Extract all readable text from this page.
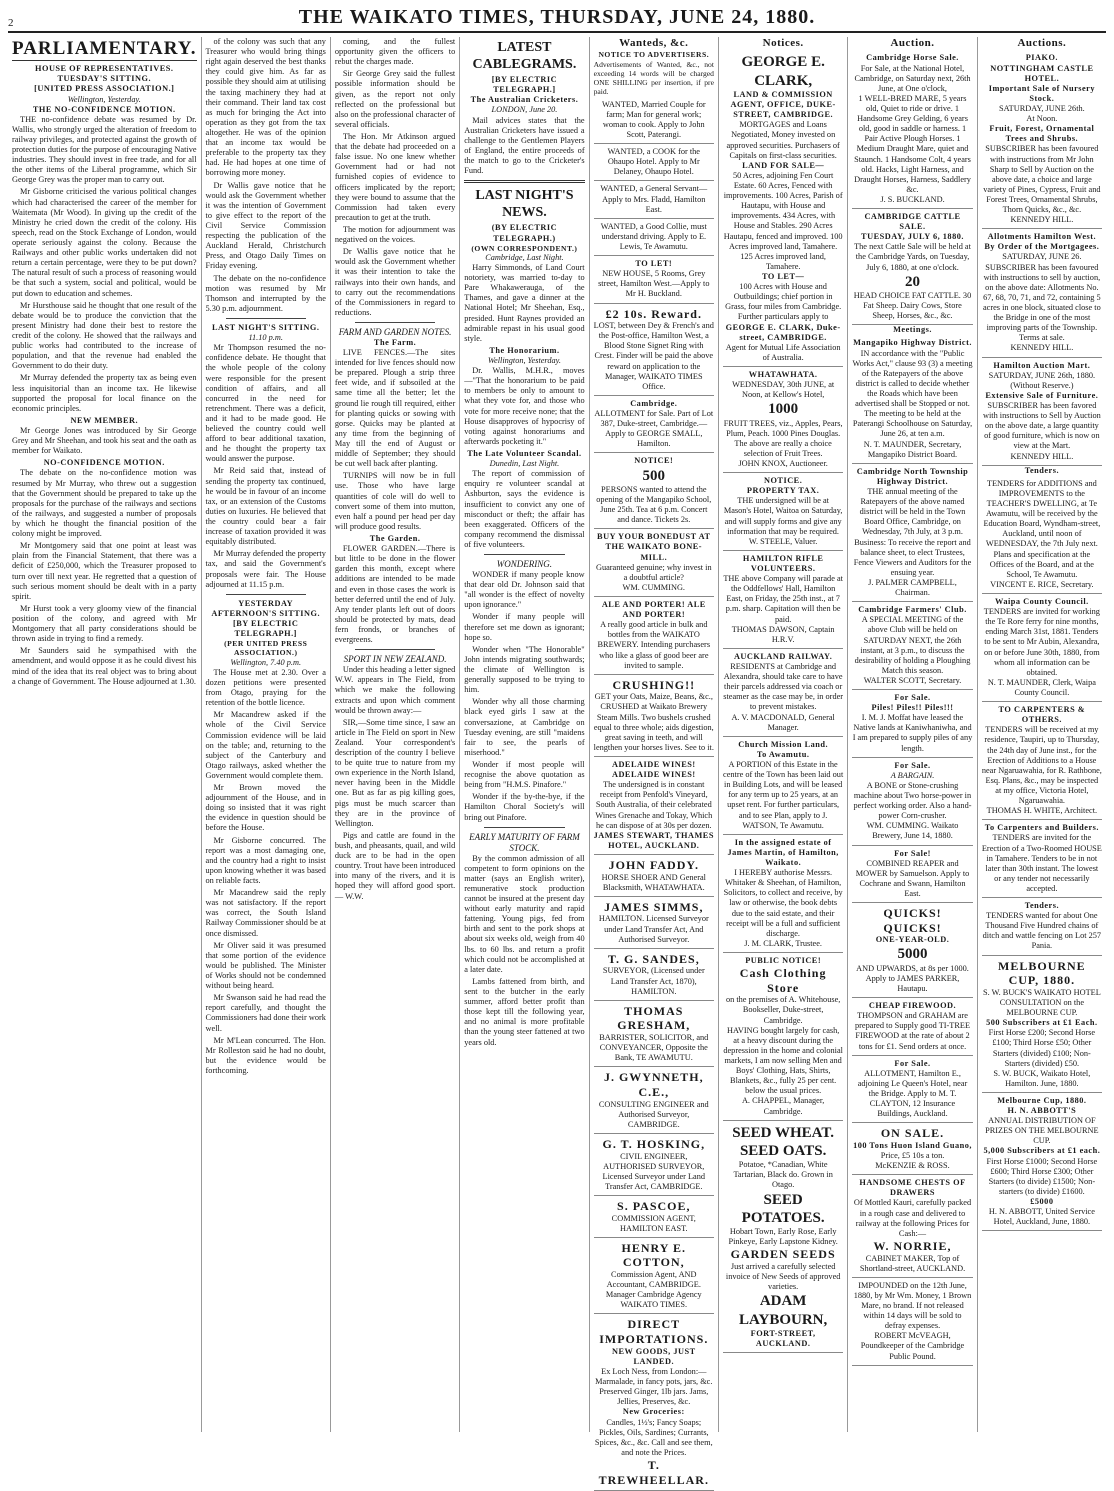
2	THE WAIKATO TIMES, THURSDAY, JUNE 24, 1880.
PARLIAMENTARY.
HOUSE OF REPRESENTATIVES.
TUESDAY'S SITTING.
[UNITED PRESS ASSOCIATION.]
Wellington, Yesterday.
THE NO-CONFIDENCE MOTION.

THE no-confidence debate was resumed by Dr. Wallis, who strongly urged the alteration of freedom to railway privileges, and protected against the growth of protection duties for the purpose of encouraging Native industries. They should invest in free trade, and for all the other items of the Liberal programme, which Sir George Grey was the proper man to carry out.

Mr Gisborne criticised the various political changes which had characterised the career of the member for Waitemata (Mr Wood). In giving up the credit of the Ministry he cried down the credit of the colony. His speech, read on the Stock Exchange of London, would operate seriously against the colony. Because the Railways and other public works undertaken did not return a certain percentage, were they to be put down? The natural result of such a process of reasoning would be that such a system, social and political, would be put down to education and schemes.

Mr Hursthouse said he thought that one result of the debate would be to produce the conviction that the present Ministry had done their best to restore the credit of the colony. He showed that the railways and public works had contributed to the increase of population, and that the revenue had enabled the Government to do their duty.

Mr Murray defended the property tax as being even less inquisitorial than an income tax. He likewise supported the proposal for local finance on the economic principles.

NEW MEMBER.

Mr George Jones was introduced by Sir George Grey and Mr Sheehan, and took his seat and the oath as member for Waikato.

NO-CONFIDENCE MOTION.

The debate on the no-confidence motion was resumed by Mr Murray, who threw out a suggestion that the Government should be prepared to take up the proposals for the purchase of the railways and sections of the railways, and suggested a number of proposals by which he thought the financial position of the colony might be improved.

Mr Montgomery said that one point at least was plain from the Financial Statement, that there was a deficit of £250,000, which the Treasurer proposed to turn over till next year. He regretted that a question of such serious moment should be dealt with in a party spirit.

Mr Hurst took a very gloomy view of the financial position of the colony, and agreed with Mr Montgomery that all party considerations should be thrown aside in trying to find a remedy.

Mr Saunders said he sympathised with the amendment, and would oppose it as he could divest his mind of the idea that its real object was to bring about a change of Government. The House adjourned at 1.30.

of the colony was such that any Treasurer who would bring things right again deserved the best thanks they could give him. As far as possible they should aim at utilising the taxing machinery they had at their command. Their land tax cost as much for bringing the Act into operation as they got from the tax altogether. He was of the opinion that an income tax would be preferable to the property tax they had. He had hopes at one time of borrowing more money.

Dr Wallis gave notice that he would ask the Government whether it was the intention of Government to give effect to the report of the Civil Service Commission respecting the publication of the Auckland Herald, Christchurch Press, and Otago Daily Times on Friday evening.

The debate on the no-confidence motion was resumed by Mr Thomson and interrupted by the 5.30 p.m. adjournment.

LAST NIGHT'S SITTING.
11.10 p.m.

Mr Thompson resumed the no-confidence debate. He thought that the whole people of the colony were responsible for the present condition of affairs, and all concurred in the need for retrenchment. There was a deficit, and it had to be made good. He believed the country could well afford to bear additional taxation, and he thought the property tax would answer the purpose.

Mr Reid said that, instead of sending the property tax continued, he would be in favour of an income tax, or an extension of the Customs duties on luxuries. He believed that the country could bear a fair increase of taxation provided it was equitably distributed.

Mr Murray defended the property tax, and said the Government's proposals were fair. The House adjourned at 11.15 p.m.

YESTERDAY AFTERNOON'S SITTING.
[BY ELECTRIC TELEGRAPH.]
(PER UNITED PRESS ASSOCIATION.)
Wellington, 7.40 p.m.

The House met at 2.30. Over a dozen petitions were presented from Otago, praying for the retention of the bottle licence.

Mr Macandrew asked if the whole of the Civil Service Commission evidence will be laid on the table; and, returning to the subject of the Canterbury and Otago railways, asked whether the Government would complete them.

Mr Brown moved the adjournment of the House, and in doing so insisted that it was right the evidence in question should be before the House.

Mr Gisborne concurred. The report was a most damaging one, and the country had a right to insist upon knowing whether it was based on reliable facts.

Mr Macandrew said the reply was not satisfactory. If the report was correct, the South Island Railway Commissioner should be at once dismissed.

Mr Oliver said it was presumed that some portion of the evidence would be published. The Minister of Works should not be condemned without being heard.

Mr Swanson said he had read the report carefully, and thought the Commissioners had done their work well.

Mr M'Lean concurred. The Hon. Mr Rolleston said he had no doubt, but the evidence would be forthcoming.

coming, and the fullest opportunity given the officers to rebut the charges made.

Sir George Grey said the fullest possible information should be given, as the report not only reflected on the professional but also on the professional character of several officials.

The Hon. Mr Atkinson argued that the debate had proceeded on a false issue. No one knew whether Government had or had not furnished copies of evidence to officers implicated by the report; they were bound to assume that the Commission had taken every precaution to get at the truth.

The motion for adjournment was negatived on the voices.

Dr Wallis gave notice that he would ask the Government whether it was their intention to take the railways into their own hands, and to carry out the recommendations of the Commissioners in regard to reductions.

FARM AND GARDEN NOTES.
The Farm.

LIVE FENCES.—The sites intended for live fences should now be prepared. Plough a strip three feet wide, and if subsoiled at the same time all the better; let the ground lie rough till required, either for planting quicks or sowing with gorse. Quicks may be planted at any time from the beginning of May till the end of August or middle of September; they should be cut well back after planting.

TURNIPS will now be in full use. Those who have large quantities of cole will do well to convert some of them into mutton, even half a pound per head per day will produce good results.

The Garden.

FLOWER GARDEN.—There is but little to be done in the flower garden this month, except where additions are intended to be made and even in those cases the work is better deferred until the end of July. Any tender plants left out of doors should be protected by mats, dead fern fronds, or branches of evergreens.

SPORT IN NEW ZEALAND.

Under this heading a letter signed W.W. appears in The Field, from which we make the following extracts and upon which comment would be thrown away:—

SIR,—Some time since, I saw an article in The Field on sport in New Zealand. Your correspondent's description of the country I believe to be quite true to nature from my own experience in the North Island, never having been in the Middle one. But as far as pig killing goes, pigs must be much scarcer than they are in the province of Wellington.

Pigs and cattle are found in the bush, and pheasants, quail, and wild duck are to be had in the open country. Trout have been introduced into many of the rivers, and it is hoped they will afford good sport. — W.W.

LATEST CABLEGRAMS.
[BY ELECTRIC TELEGRAPH.]
The Australian Cricketers.
LONDON, June 20.

Mail advices states that the Australian Cricketers have issued a challenge to the Gentlemen Players of England, the entire proceeds of the match to go to the Cricketer's Fund.

LAST NIGHT'S NEWS.
(BY ELECTRIC TELEGRAPH.)
(OWN CORRESPONDENT.)
Cambridge, Last Night.

Harry Simmonds, of Land Court notoriety, was married to-day to Pare Whakawerauga, of the Thames, and gave a dinner at the National Hotel; Mr Sheehan, Esq., presided. Hunt Raynes provided an admirable repast in his usual good style.

The Honorarium.
Wellington, Yesterday.

Dr. Wallis, M.H.R., moves—"That the honorarium to be paid to members be only to amount to what they vote for, and those who vote for more receive none; that the House disapproves of hypocrisy of voting against honorariums and afterwards pocketing it."

The Late Volunteer Scandal.
Dunedin, Last Night.

The report of commission of enquiry re volunteer scandal at Ashburton, says the evidence is insufficient to convict any one of misconduct or theft; the affair has been exaggerated. Officers of the company recommend the dismissal of five volunteers.

WONDERING.

WONDER if many people know that dear old Dr. Johnson said that "all wonder is the effect of novelty upon ignorance."

Wonder if many people will therefore set me down as ignorant; hope so.

Wonder when "The Honorable" John intends migrating southwards; the climate of Wellington is generally supposed to be trying to him.

Wonder why all those charming black eyed girls I saw at the conversazione, at Cambridge on Tuesday evening, are still "maidens fair to see, the pearls of miserhood."

Wonder if most people will recognise the above quotation as being from "H.M.S. Pinafore."

Wonder if the by-the-bye, if the Hamilton Choral Society's will bring out Pinafore.

EARLY MATURITY OF FARM STOCK.

By the common admission of all competent to form opinions on the matter (says an English writer), remunerative stock production cannot be insured at the present day without early maturity and rapid fattening. Young pigs, fed from birth and sent to the pork shops at about six weeks old, weigh from 40 lbs. to 60 lbs. and return a profit which could not be accomplished at a later date.

Lambs fattened from birth, and sent to the butcher in the early summer, afford better profit than those kept till the following year, and no animal is more profitable than the young steer fattened at two years old.

Wanteds, &c.
NOTICE TO ADVERTISERS.
Advertisements of Wanted, &c., not exceeding 14 words will be charged ONE SHILLING per insertion, if pre paid.
WANTED, Married Couple for farm; Man for general work; woman to cook. Apply to John Scott, Paterangi.
WANTED, a COOK for the Ohaupo Hotel. Apply to Mr Delaney, Ohaupo Hotel.
WANTED, a General Servant—Apply to Mrs. Fladd, Hamilton East.
WANTED, a Good Collie, must understand driving. Apply to E. Lewis, Te Awamutu.
TO LET!
NEW HOUSE, 5 Rooms, Grey street, Hamilton West.—Apply to Mr H. Buckland.
£2 10s. Reward.
LOST, between Dey & French's and the Post-office, Hamilton West, a Blood Stone Signet Ring with Crest. Finder will be paid the above reward on application to the Manager, WAIKATO TIMES Office.
Cambridge.
ALLOTMENT for Sale. Part of Lot 387, Duke-street, Cambridge.—Apply to GEORGE SMALL, Hamilton.
NOTICE!
500
PERSONS wanted to attend the opening of the Mangapiko School, June 25th. Tea at 6 p.m. Concert and dance. Tickets 2s.
BUY YOUR BONEDUST AT THE WAIKATO BONE-MILL.
Guaranteed genuine; why invest in a doubtful article?
WM. CUMMING.
ALE AND PORTER! ALE AND PORTER!
A really good article in bulk and bottles from the WAIKATO BREWERY. Intending purchasers who like a glass of good beer are invited to sample.
CRUSHING!!
GET your Oats, Maize, Beans, &c., CRUSHED at Waikato Brewery Steam Mills. Two bushels crushed equal to three whole; aids digestion, great saving in teeth, and will lengthen your horses lives. See to it.
ADELAIDE WINES! ADELAIDE WINES!
The undersigned is in constant receipt from Penfold's Vineyard, South Australia, of their celebrated Wines Grenache and Tokay, Which he can dispose of at 30s per dozen.
JAMES STEWART, THAMES HOTEL, AUCKLAND.
JOHN FADDY.
HORSE SHOER AND General Blacksmith, WHATAWHATA.
JAMES SIMMS,
HAMILTON. Licensed Surveyor under Land Transfer Act, And Authorised Surveyor.
T. G. SANDES,
SURVEYOR, (Licensed under Land Transfer Act, 1870), HAMILTON.
THOMAS GRESHAM,
BARRISTER, SOLICITOR, and CONVEYANCER, Opposite the Bank, TE AWAMUTU.
J. GWYNNETH, C.E.,
CONSULTING ENGINEER and Authorised Surveyor, CAMBRIDGE.
G. T. HOSKING,
CIVIL ENGINEER, AUTHORISED SURVEYOR, Licensed Surveyor under Land Transfer Act, CAMBRIDGE.
S. PASCOE,
COMMISSION AGENT, HAMILTON EAST.
HENRY E. COTTON,
Commission Agent, AND Accountant, CAMBRIDGE.
Manager Cambridge Agency WAIKATO TIMES.
DIRECT IMPORTATIONS.
NEW GOODS, JUST LANDED.
Ex Loch Ness, from London:— Marmalade, in fancy pots, jars, &c. Preserved Ginger, 1lb jars. Jams, Jellies, Preserves, &c.
New Groceries:
Candles, 1½'s; Fancy Soaps; Pickles, Oils, Sardines; Currants, Spices, &c., &c. Call and see them, and note the Prices.
T. TREWHEELLAR.
Notices.
GEORGE E. CLARK,
LAND & COMMISSION AGENT, OFFICE, DUKE-STREET, CAMBRIDGE.
MORTGAGES and Loans Negotiated, Money invested on approved securities. Purchasers of Capitals on first-class securities.
LAND FOR SALE—
50 Acres, adjoining Fen Court Estate. 60 Acres, Fenced with improvements. 100 Acres, Parish of Hautapu, with House and improvements. 434 Acres, with House and Stables. 290 Acres Hautapu, fenced and improved. 100 Acres improved land, Tamahere. 125 Acres improved land, Tamahere.
TO LET—
100 Acres with House and Outbuildings; chief portion in Grass, four miles from Cambridge. Further particulars apply to
GEORGE E. CLARK, Duke-street, CAMBRIDGE.
Agent for Mutual Life Association of Australia.
WHATAWHATA.
WEDNESDAY, 30th JUNE, at Noon, at Kellow's Hotel,
1000
FRUIT TREES, viz., Apples, Pears, Plum, Peach. 1000 Pines Douglas. The above are really a choice selection of Fruit Trees.
JOHN KNOX, Auctioneer.
NOTICE.
PROPERTY TAX.
THE undersigned will be at Mason's Hotel, Waitoa on Saturday, and will supply forms and give any information that may be required.
W. STEELE, Valuer.
HAMILTON RIFLE VOLUNTEERS.
THE above Company will parade at the Oddfellows' Hall, Hamilton East, on Friday, the 25th inst., at 7 p.m. sharp. Capitation will then be paid.
THOMAS DAWSON, Captain H.R.V.
AUCKLAND RAILWAY.
RESIDENTS at Cambridge and Alexandra, should take care to have their parcels addressed via coach or steamer as the case may be, in order to prevent mistakes.
A. V. MACDONALD, General Manager.
Church Mission Land.
To Awamutu.
A PORTION of this Estate in the centre of the Town has been laid out in Building Lots, and will be leased for any term up to 25 years, at an upset rent. For further particulars, and to see Plan, apply to J. WATSON, Te Awamutu.
In the assigned estate of James Martin, of Hamilton, Waikato.
I HEREBY authorise Messrs. Whitaker & Sheehan, of Hamilton, Solicitors, to collect and receive, by law or otherwise, the book debts due to the said estate, and their receipt will be a full and sufficient discharge.
J. M. CLARK, Trustee.
PUBLIC NOTICE!
Cash Clothing Store
on the premises of A. Whitehouse, Bookseller, Duke-street, Cambridge.
HAVING bought largely for cash, at a heavy discount during the depression in the home and colonial markets, I am now selling Men and Boys' Clothing, Hats, Shirts, Blankets, &c., fully 25 per cent. below the usual prices.
A. CHAPPEL, Manager, Cambridge.
SEED WHEAT.
SEED OATS.
Potatoe, *Canadian, White Tartarian, Black do. Grown in Otago.
SEED POTATOES.
Hobart Town, Early Rose, Early Pinkeye, Early Lapstone Kidney.
GARDEN SEEDS
Just arrived a carefully selected invoice of New Seeds of approved varieties.
ADAM LAYBOURN,
FORT-STREET, AUCKLAND.
Auction.
Cambridge Horse Sale.
For Sale, at the National Hotel, Cambridge, on Saturday next, 26th June, at One o'clock,
1 WELL-BRED MARE, 5 years old, Quiet to ride or drive. 1 Handsome Grey Gelding, 6 years old, good in saddle or harness. 1 Pair Active Plough Horses. 1 Medium Draught Mare, quiet and Staunch. 1 Handsome Colt, 4 years old. Hacks, Light Harness, and Draught Horses, Harness, Saddlery &c.
J. S. BUCKLAND.
CAMBRIDGE CATTLE SALE.
TUESDAY, JULY 6, 1880.
The next Cattle Sale will be held at the Cambridge Yards, on Tuesday, July 6, 1880, at one o'clock.
20
HEAD CHOICE FAT CATTLE. 30 Fat Sheep. Dairy Cows, Store Sheep, Horses, &c., &c.
Meetings.
Mangapiko Highway District.
IN accordance with the "Public Works Act," clause 93 (3) a meeting of the Ratepayers of the above district is called to decide whether the Roads which have been advertised shall be Stopped or not. The meeting to be held at the Paterangi Schoolhouse on Saturday, June 26, at ten a.m.
N. T. MAUNDER, Secretary, Mangapiko District Board.
Cambridge North Township Highway District.
THE annual meeting of the Ratepayers of the above named district will be held in the Town Board Office, Cambridge, on Wednesday, 7th July, at 3 p.m. Business: To receive the report and balance sheet, to elect Trustees, Fence Viewers and Auditors for the ensuing year.
J. PALMER CAMPBELL, Chairman.
Cambridge Farmers' Club.
A SPECIAL MEETING of the above Club will be held on SATURDAY NEXT, the 26th instant, at 3 p.m., to discuss the desirability of holding a Ploughing Match this season.
WALTER SCOTT, Secretary.
For Sale.
Piles! Piles!! Piles!!!
I. M. J. Moffat have leased the Native lands at Kaniwhaniwha, and I am prepared to supply piles of any length.
For Sale.
A BARGAIN.
A BONE or Stone-crushing machine about Two horse-power in perfect working order. Also a hand-power Corn-crusher.
WM. CUMMING. Waikato Brewery, June 14, 1880.
For Sale!
COMBINED REAPER and MOWER by Samuelson. Apply to Cochrane and Swann, Hamilton East.
QUICKS! QUICKS!
ONE-YEAR-OLD.
5000
AND UPWARDS, at 8s per 1000. Apply to JAMES PARKER, Hautapu.
CHEAP FIREWOOD.
THOMPSON and GRAHAM are prepared to Supply good TI-TREE FIREWOOD at the rate of about 2 tons for £1. Send orders at once.
For Sale.
ALLOTMENT, Hamilton E., adjoining Le Queen's Hotel, near the Bridge. Apply to M. T. CLAYTON, 12 Insurance Buildings, Auckland.
ON SALE.
100 Tons Huon Island Guano,
Price, £5 10s a ton.
McKENZIE & ROSS.
HANDSOME CHESTS OF DRAWERS
Of Mottled Kauri, carefully packed in a rough case and delivered to railway at the following Prices for Cash:—
W. NORRIE,
CABINET MAKER, Top of Shortland-street, AUCKLAND.
IMPOUNDED on the 12th June, 1880, by Mr Wm. Money, 1 Brown Mare, no brand. If not released within 14 days will be sold to defray expenses.
ROBERT McVEAGH, Poundkeeper of the Cambridge Public Pound.
Auctions.
PIAKO.
NOTTINGHAM CASTLE HOTEL.
Important Sale of Nursery Stock.
SATURDAY, JUNE 26th.
At Noon.
Fruit, Forest, Ornamental Trees and Shrubs.
SUBSCRIBER has been favoured with instructions from Mr John Sharp to Sell by Auction on the above date, a choice and large variety of Pines, Cypress, Fruit and Forest Trees, Ornamental Shrubs, Thorn Quicks, &c., &c.
KENNEDY HILL.
Allotments Hamilton West.
By Order of the Mortgagees.
SATURDAY, JUNE 26.
SUBSCRIBER has been favoured with instructions to sell by auction, on the above date: Allotments No. 67, 68, 70, 71, and 72, containing 5 acres in one block, situated close to the Bridge in one of the most improving parts of the Township. Terms at sale.
KENNEDY HILL.
Hamilton Auction Mart.
SATURDAY, JUNE 26th, 1880.
(Without Reserve.)
Extensive Sale of Furniture.
SUBSCRIBER has been favored with instructions to Sell by Auction on the above date, a large quantity of good furniture, which is now on view at the Mart.
KENNEDY HILL.
Tenders.
TENDERS for ADDITIONS and IMPROVEMENTS to the TEACHER'S DWELLING, at Te Awamutu, will be received by the Education Board, Wyndham-street, Auckland, until noon of WEDNESDAY, the 7th July next. Plans and specification at the Offices of the Board, and at the School, Te Awamutu.
VINCENT E. RICE, Secretary.
Waipa County Council.
TENDERS are invited for working the Te Rore ferry for nine months, ending March 31st, 1881. Tenders to be sent to Mr Aubin, Alexandra, on or before June 30th, 1880, from whom all information can be obtained.
N. T. MAUNDER, Clerk, Waipa County Council.
TO CARPENTERS & OTHERS.
TENDERS will be received at my residence, Taupiri, up to Thursday, the 24th day of June inst., for the Erection of Additions to a House near Ngaruawahia, for R. Rathbone, Esq. Plans, &c., may be inspected at my office, Victoria Hotel, Ngaruawahia.
THOMAS H. WHITE, Architect.
To Carpenters and Builders.
TENDERS are invited for the Erection of a Two-Roomed HOUSE in Tamahere. Tenders to be in not later than 30th instant. The lowest or any tender not necessarily accepted.
Tenders.
TENDERS wanted for about One Thousand Five Hundred chains of ditch and wattle fencing on Lot 257 Pania.
MELBOURNE CUP, 1880.
S. W. BUCK'S WAIKATO HOTEL CONSULTATION on the MELBOURNE CUP.
500 Subscribers at £1 Each.
First Horse £200; Second Horse £100; Third Horse £50; Other Starters (divided) £100; Non-Starters (divided) £50.
S. W. BUCK, Waikato Hotel, Hamilton. June, 1880.
Melbourne Cup, 1880.
H. N. ABBOTT'S
ANNUAL DISTRIBUTION OF PRIZES ON THE MELBOURNE CUP.
5,000 Subscribers at £1 each.
First Horse £1000; Second Horse £600; Third Horse £300; Other Starters (to divide) £1500; Non-starters (to divide) £1600.
£5000
H. N. ABBOTT, United Service Hotel, Auckland, June, 1880.
